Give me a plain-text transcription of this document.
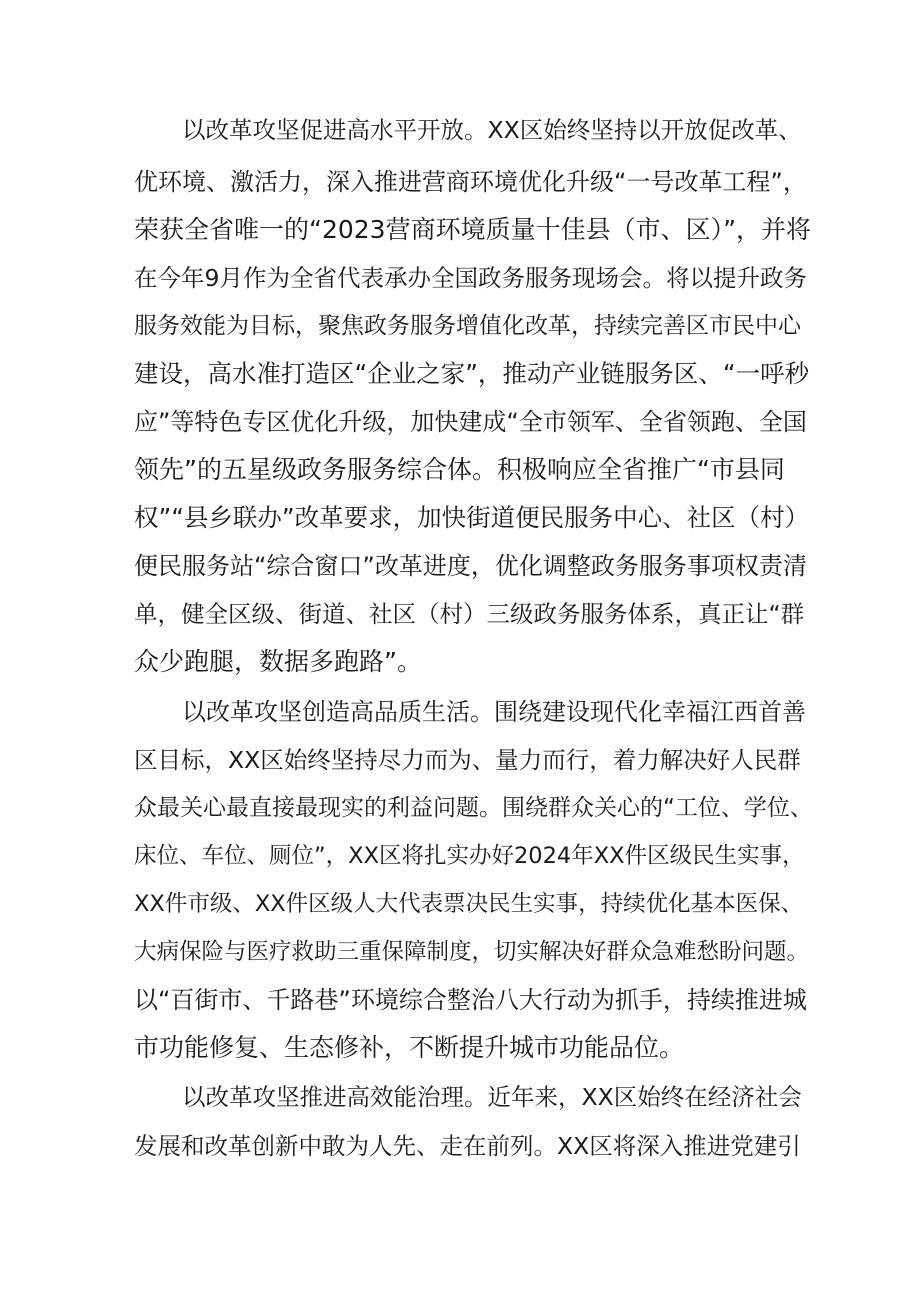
以改革攻坚促进高水平开放。XX区始终坚持以开放促改革、
优环境、激活力，深入推进营商环境优化升级“一号改革工程”，
荣获全省唯一的“2023营商环境质量十佳县（市、区）”，并将
在今年9月作为全省代表承办全国政务服务现场会。将以提升政务
服务效能为目标，聚焦政务服务增值化改革，持续完善区市民中心
建设，高水准打造区“企业之家”，推动产业链服务区、“一呼秒
应”等特色专区优化升级，加快建成“全市领军、全省领跑、全国
领先”的五星级政务服务综合体。积极响应全省推广“市县同
权”“县乡联办”改革要求，加快街道便民服务中心、社区（村）
便民服务站“综合窗口”改革进度，优化调整政务服务事项权责清
单，健全区级、街道、社区（村）三级政务服务体系，真正让“群
众少跑腿，数据多跑路”。
以改革攻坚创造高品质生活。围绕建设现代化幸福江西首善
区目标，XX区始终坚持尽力而为、量力而行，着力解决好人民群
众最关心最直接最现实的利益问题。围绕群众关心的“工位、学位、
床位、车位、厕位”，XX区将扎实办好2024年XX件区级民生实事，
XX件市级、XX件区级人大代表票决民生实事，持续优化基本医保、
大病保险与医疗救助三重保障制度，切实解决好群众急难愁盼问题。
以“百街市、千路巷”环境综合整治八大行动为抓手，持续推进城
市功能修复、生态修补，不断提升城市功能品位。
以改革攻坚推进高效能治理。近年来，XX区始终在经济社会
发展和改革创新中敢为人先、走在前列。XX区将深入推进党建引
